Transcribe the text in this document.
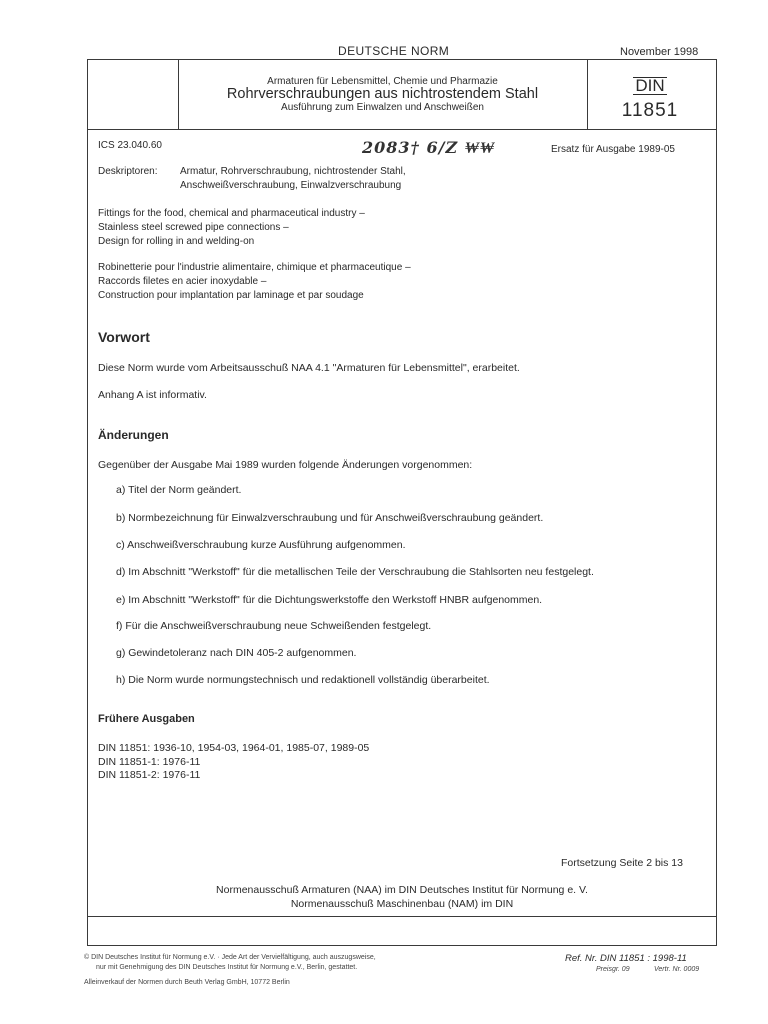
DEUTSCHE NORM	November 1998
Armaturen für Lebensmittel, Chemie und Pharmazie
Rohrverschraubungen aus nichtrostendem Stahl
Ausführung zum Einwalzen und Anschweißen
DIN
11851
ICS 23.040.60	2083† 6/Z ₩₩	Ersatz für Ausgabe 1989-05
Deskriptoren: Armatur, Rohrverschraubung, nichtrostender Stahl,
Anschweißverschraubung, Einwalzverschraubung
Fittings for the food, chemical and pharmaceutical industry –
Stainless steel screwed pipe connections –
Design for rolling in and welding-on
Robinetterie pour l'industrie alimentaire, chimique et pharmaceutique –
Raccords filetes en acier inoxydable –
Construction pour implantation par laminage et par soudage
Vorwort
Diese Norm wurde vom Arbeitsausschuß NAA 4.1 "Armaturen für Lebensmittel", erarbeitet.
Anhang A ist informativ.
Änderungen
Gegenüber der Ausgabe Mai 1989 wurden folgende Änderungen vorgenommen:
a) Titel der Norm geändert.
b) Normbezeichnung für Einwalzverschraubung und für Anschweißverschraubung geändert.
c) Anschweißverschraubung kurze Ausführung aufgenommen.
d) Im Abschnitt "Werkstoff" für die metallischen Teile der Verschraubung die Stahlsorten neu festgelegt.
e) Im Abschnitt "Werkstoff" für die Dichtungswerkstoffe den Werkstoff HNBR aufgenommen.
f) Für die Anschweißverschraubung neue Schweißenden festgelegt.
g) Gewindetoleranz nach DIN 405-2 aufgenommen.
h) Die Norm wurde normungstechnisch und redaktionell vollständig überarbeitet.
Frühere Ausgaben
DIN 11851: 1936-10, 1954-03, 1964-01, 1985-07, 1989-05
DIN 11851-1: 1976-11
DIN 11851-2: 1976-11
Fortsetzung Seite 2 bis 13
Normenausschuß Armaturen (NAA) im DIN Deutsches Institut für Normung e. V.
Normenausschuß Maschinenbau (NAM) im DIN
© DIN Deutsches Institut für Normung e.V. · Jede Art der Vervielfältigung, auch auszugsweise,
nur mit Genehmigung des DIN Deutsches Institut für Normung e.V., Berlin, gestattet.
Alleinverkauf der Normen durch Beuth Verlag GmbH, 10772 Berlin
Ref. Nr. DIN 11851 : 1998-11
Preisgr. 09	Vertr. Nr. 0009
